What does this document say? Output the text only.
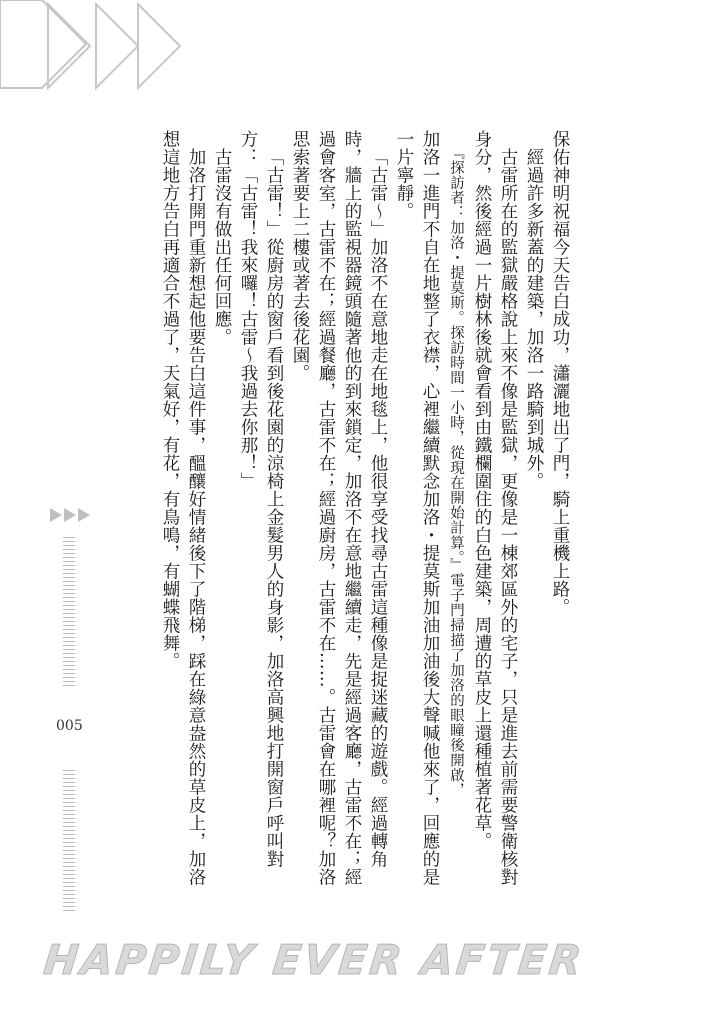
保佑神明祝福今天告白成功，瀟灑地出了門，騎上重機上路。

經過許多新蓋的建築，加洛一路騎到城外。

古雷所在的監獄嚴格說上來不像是監獄，更像是一棟郊區外的宅子，只是進去前需要警衛核對身分，然後經過一片樹林後就會看到由鐵欄圍住的白色建築，周遭的草皮上還種植著花草。

『探訪者：加洛・提莫斯。探訪時間一小時，從現在開始計算。』電子門掃描了加洛的眼瞳後開啟，

加洛一進門不自在地整了衣襟，心裡繼續默念加洛・提莫斯加油加油後大聲喊他來了，回應的是一片寧靜。

「古雷～」加洛不在意地走在地毯上，他很享受找尋古雷這種像是捉迷藏的遊戲。經過轉角時，牆上的監視器鏡頭隨著他的到來鎖定，加洛不在意地繼續走，先是經過客廳，古雷不在；經過會客室，古雷不在；經過餐廳，古雷不在；經過廚房，古雷不在……。古雷會在哪裡呢？加洛思索著要上二樓或著去後花園。

「古雷！」從廚房的窗戶看到後花園的涼椅上金髮男人的身影，加洛高興地打開窗戶呼叫對方：「古雷！我來囉！古雷～我過去你那！」

古雷沒有做出任何回應。

加洛打開門重新想起他要告白這件事，醞釀好情緒後下了階梯，踩在綠意盎然的草皮上，加洛想這地方告白再適合不過了，天氣好，有花，有鳥鳴，有蝴蝶飛舞。

005
HAPPILY EVER AFTER
